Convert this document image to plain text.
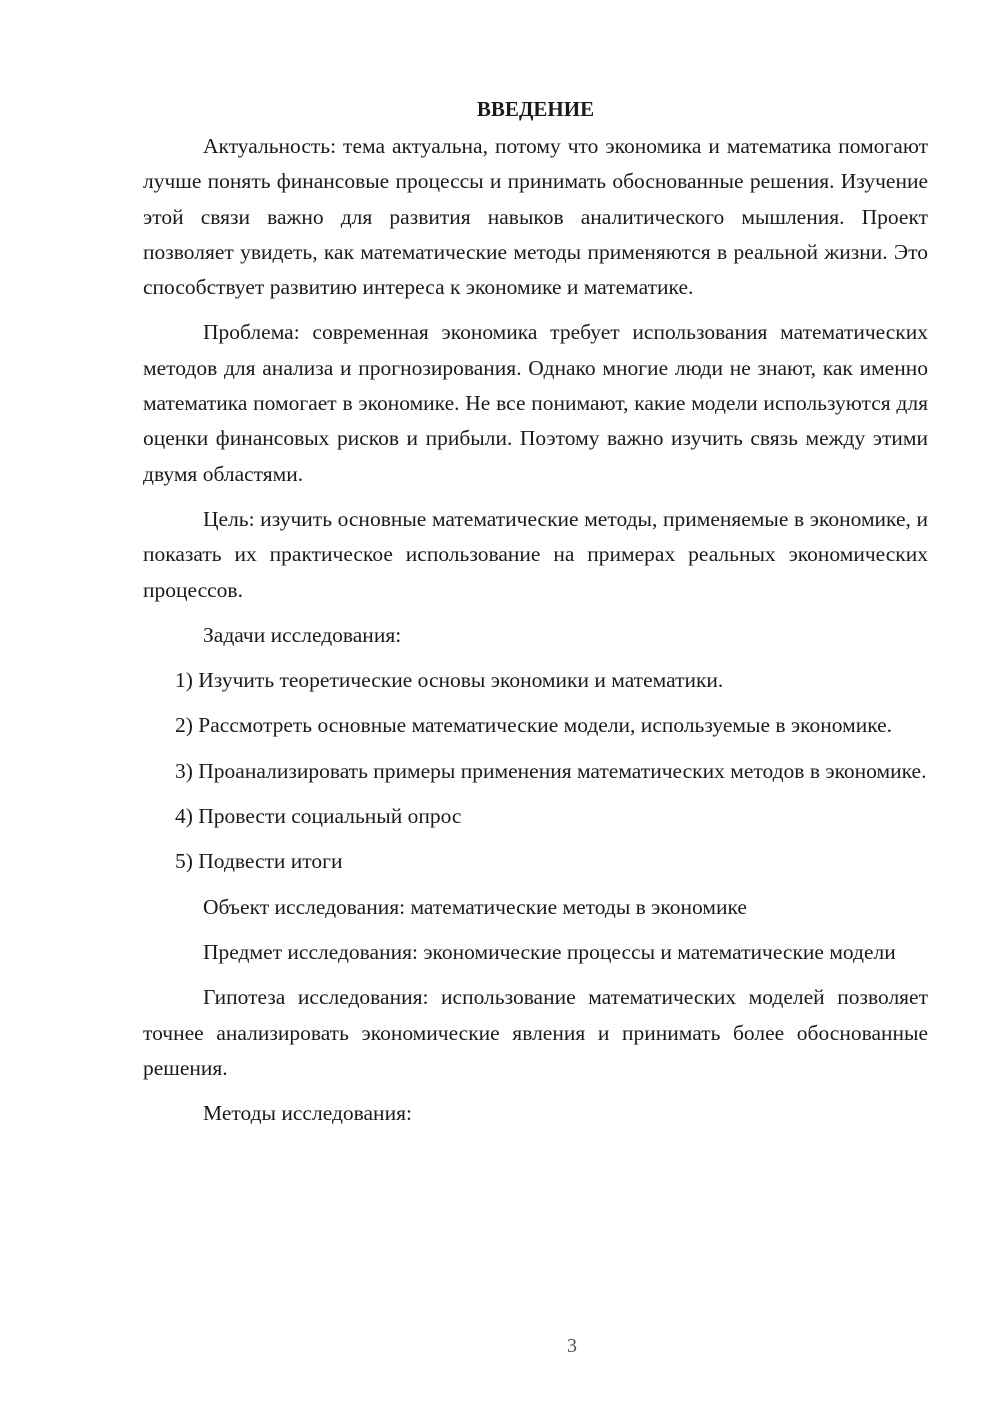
ВВЕДЕНИЕ

Актуальность: тема актуальна, потому что экономика и математика помогают лучше понять финансовые процессы и принимать обоснованные решения. Изучение этой связи важно для развития навыков аналитического мышления. Проект позволяет увидеть, как математические методы применяются в реальной жизни. Это способствует развитию интереса к экономике и математике.

Проблема: современная экономика требует использования математических методов для анализа и прогнозирования. Однако многие люди не знают, как именно математика помогает в экономике. Не все понимают, какие модели используются для оценки финансовых рисков и прибыли. Поэтому важно изучить связь между этими двумя областями.

Цель: изучить основные математические методы, применяемые в экономике, и показать их практическое использование на примерах реальных экономических процессов.

Задачи исследования:

1) Изучить теоретические основы экономики и математики.

2) Рассмотреть основные математические модели, используемые в экономике.

3) Проанализировать примеры применения математических методов в экономике.

4) Провести социальный опрос

5) Подвести итоги

Объект исследования: математические методы в экономике

Предмет исследования: экономические процессы и математические модели

Гипотеза исследования: использование математических моделей позволяет точнее анализировать экономические явления и принимать более обоснованные решения.

Методы исследования:

3
